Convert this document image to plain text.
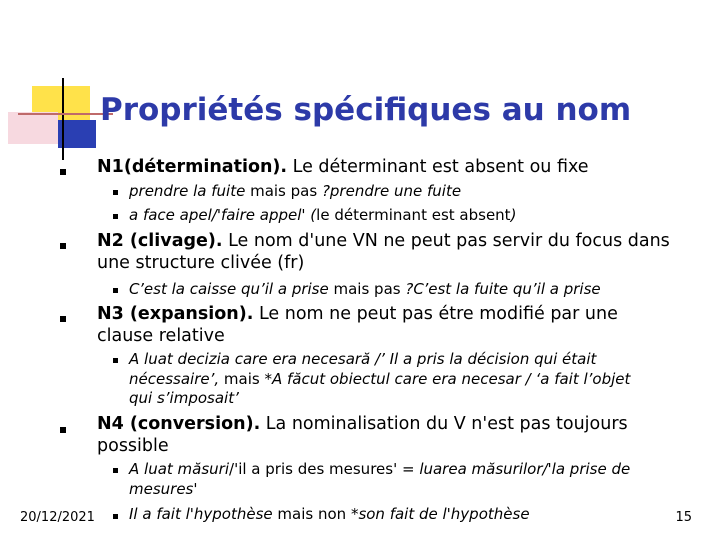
Propriétés spécifiques au nom
N1(détermination). Le déterminant est absent ou fixe
prendre la fuite mais pas ?prendre une fuite
a face apel/'faire appel' (le déterminant est absent)
N2 (clivage). Le nom d'une VN ne peut pas servir du focus dans
une structure clivée (fr)
C’est la caisse qu’il a prise mais pas ?C’est la fuite qu’il a prise
N3 (expansion). Le nom ne peut pas étre modifié par une
clause relative
A luat decizia care era necesară /’ Il a pris la décision qui était
nécessaire’, mais *A făcut obiectul care era necesar / ‘a fait l’objet
qui s’imposait’
N4 (conversion). La nominalisation du V n'est pas toujours
possible
A luat măsuri/'il a pris des mesures' = luarea măsurilor/'la prise de
mesures'
Il a fait l'hypothèse mais non *son fait de l'hypothèse
20/12/2021	15
